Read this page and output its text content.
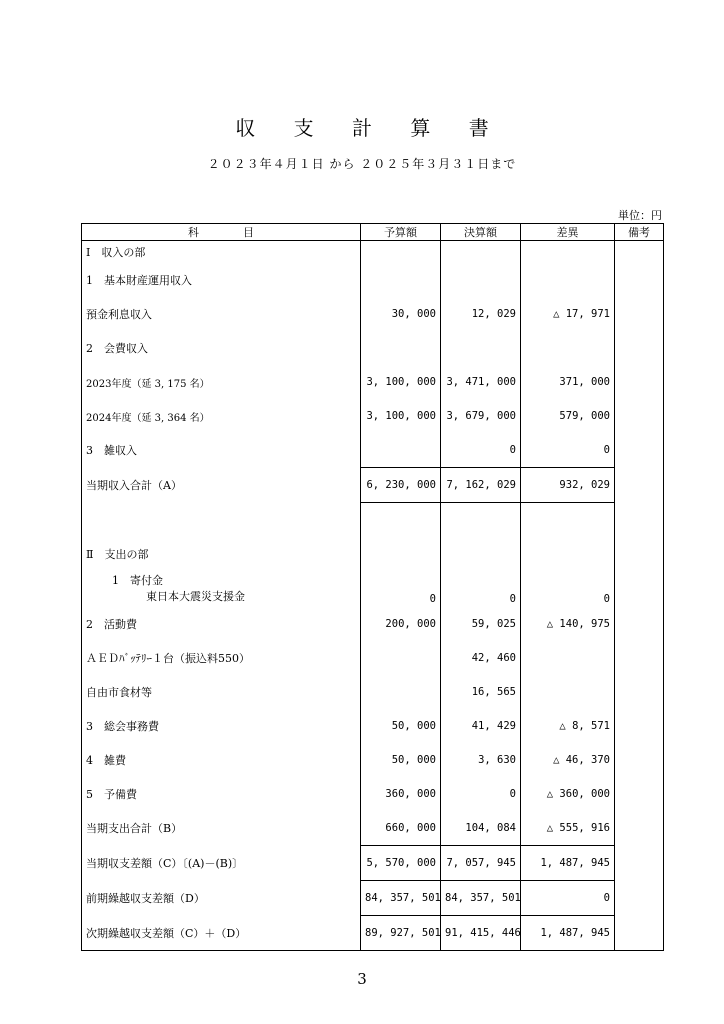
収 支 計 算 書
２０２３年４月１日 から ２０２５年３月３１日まで
単位：円
科　　　　目	予算額	決算額	差異	備考
Ⅰ　収入の部				
1　基本財産運用収入				
預金利息収入	30, 000	12, 029	△ 17, 971	
2　会費収入				
2023年度（延 3, 175 名）	3, 100, 000	3, 471, 000	371, 000	
2024年度（延 3, 364 名）	3, 100, 000	3, 679, 000	579, 000	
3　雑収入		0	0	
当期収入合計（A）	6, 230, 000	7, 162, 029	932, 029	

Ⅱ　支出の部				

1　寄付金
東日本大震災支援金	0	0	0	
2　活動費	200, 000	59, 025	△ 140, 975	
ＡＥＤﾊﾞｯﾃﾘｰ１台（振込料550）		42, 460		
自由市食材等		16, 565		
3　総会事務費	50, 000	41, 429	△ 8, 571	
4　雑費	50, 000	3, 630	△ 46, 370	
5　予備費	360, 000	0	△ 360, 000	
当期支出合計（B）	660, 000	104, 084	△ 555, 916	
当期収支差額（C）〔(A)－(B)〕	5, 570, 000	7, 057, 945	1, 487, 945	
前期繰越収支差額（D）	84, 357, 501	84, 357, 501	0	
次期繰越収支差額（C）＋（D）	89, 927, 501	91, 415, 446	1, 487, 945	
3
